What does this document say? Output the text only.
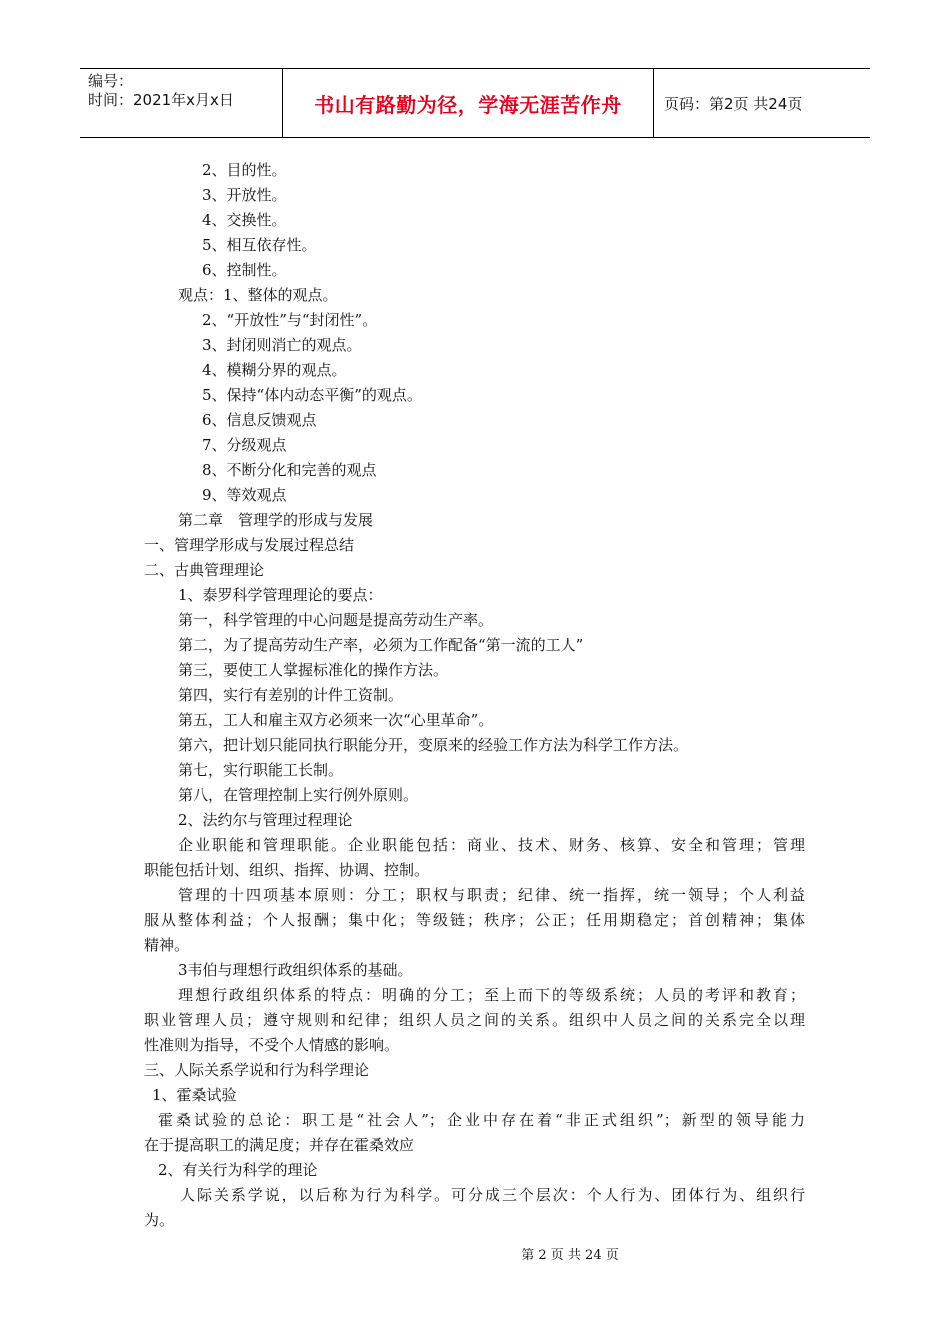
编号：
时间：2021年x月x日	书山有路勤为径，学海无涯苦作舟	页码：第2页 共24页
2、目的性。
3、开放性。
4、交换性。
5、相互依存性。
6、控制性。
观点：1、整体的观点。
2、“开放性”与“封闭性”。
3、封闭则消亡的观点。
4、模糊分界的观点。
5、保持“体内动态平衡”的观点。
6、信息反馈观点
7、分级观点
8、不断分化和完善的观点
9、等效观点
第二章　管理学的形成与发展
一、管理学形成与发展过程总结
二、古典管理理论
1、泰罗科学管理理论的要点：
第一，科学管理的中心问题是提高劳动生产率。
第二，为了提高劳动生产率，必须为工作配备“第一流的工人”
第三，要使工人掌握标准化的操作方法。
第四，实行有差别的计件工资制。
第五，工人和雇主双方必须来一次“心里革命”。
第六，把计划只能同执行职能分开，变原来的经验工作方法为科学工作方法。
第七，实行职能工长制。
第八，在管理控制上实行例外原则。
2、法约尔与管理过程理论
企业职能和管理职能。企业职能包括：商业、技术、财务、核算、安全和管理；管理
职能包括计划、组织、指挥、协调、控制。
管理的十四项基本原则：分工；职权与职责；纪律、统一指挥，统一领导；个人利益
服从整体利益；个人报酬；集中化；等级链；秩序；公正；任用期稳定；首创精神；集体
精神。
3韦伯与理想行政组织体系的基础。
理想行政组织体系的特点：明确的分工；至上而下的等级系统；人员的考评和教育；
职业管理人员；遵守规则和纪律；组织人员之间的关系。组织中人员之间的关系完全以理
性准则为指导，不受个人情感的影响。
三、人际关系学说和行为科学理论
1、霍桑试验
霍桑试验的总论：职工是“社会人”；企业中存在着“非正式组织”；新型的领导能力
在于提高职工的满足度；并存在霍桑效应
2、有关行为科学的理论
人际关系学说，以后称为行为科学。可分成三个层次：个人行为、团体行为、组织行
为。
第 2 页 共 24 页
